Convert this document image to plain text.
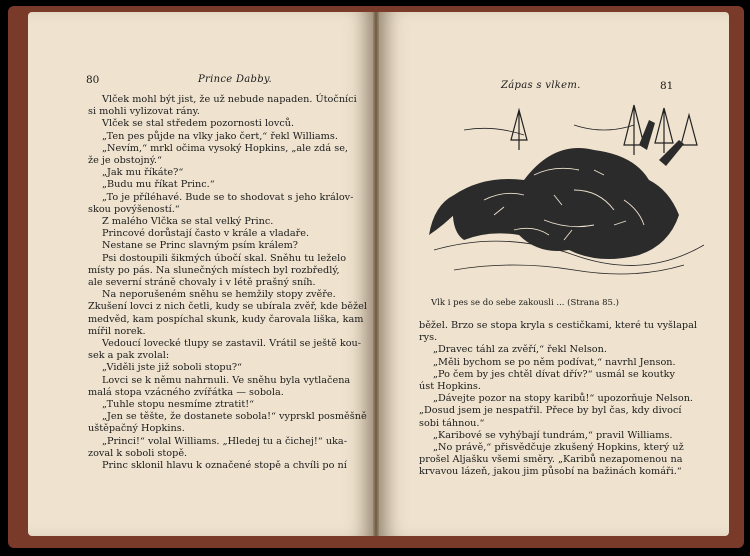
80	Prince Dabby.
Vlček mohl být jist, že už nebude napaden. Útočníci
si mohli vylizovat rány.
Vlček se stal středem pozornosti lovců.
„Ten pes půjde na vlky jako čert,“ řekl Williams.
„Nevím,“ mrkl očima vysoký Hopkins, „ale zdá se,
že je obstojný.“
„Jak mu říkáte?“
„Budu mu říkat Princ.“
„To je příléhavé. Bude se to shodovat s jeho králov-
skou povýšeností.“
Z malého Vlčka se stal velký Princ.
Princové dorůstají často v krále a vladaře.
Nestane se Princ slavným psím králem?
Psi dostoupili šikmých úbočí skal. Sněhu tu leželo
místy po pás. Na slunečných místech byl rozbředlý,
ale severní stráně chovaly i v létě prašný sníh.
Na neporušeném sněhu se hemžily stopy zvěře.
Zkušení lovci z nich četli, kudy se ubírala zvěř, kde běžel
medvěd, kam pospíchal skunk, kudy čarovala liška, kam
mířil norek.
Vedoucí lovecké tlupy se zastavil. Vrátil se ještě kou-
sek a pak zvolal:
„Viděli jste již soboli stopu?“
Lovci se k němu nahrnuli. Ve sněhu byla vytlačena
malá stopa vzácného zvířátka — sobola.
„Tuhle stopu nesmíme ztratit!“
„Jen se těšte, že dostanete sobola!“ vyprskl posměšně
uštěpačný Hopkins.
„Princi!“ volal Williams. „Hledej tu a čichej!“ uka-
zoval k soboli stopě.
Princ sklonil hlavu k označené stopě a chvíli po ní
Zápas s vlkem.	81
Vlk i pes se do sebe zakousli ... (Strana 85.)
běžel. Brzo se stopa kryla s cestičkami, které tu vyšlapal
rys.
„Dravec táhl za zvěří,“ řekl Nelson.
„Měli bychom se po něm podívat,“ navrhl Jenson.
„Po čem by jes chtěl dívat dřív?“ usmál se koutky
úst Hopkins.
„Dávejte pozor na stopy karibů!“ upozorňuje Nelson.
„Dosud jsem je nespatřil. Přece by byl čas, kdy divocí
sobi táhnou.“
„Karibové se vyhýbají tundrám,“ pravil Williams.
„No právě,“ přisvědčuje zkušený Hopkins, který už
prošel Aljašku všemi směry. „Karibů nezapomenou na
krvavou lázeň, jakou jim působí na bažinách komáři.“
